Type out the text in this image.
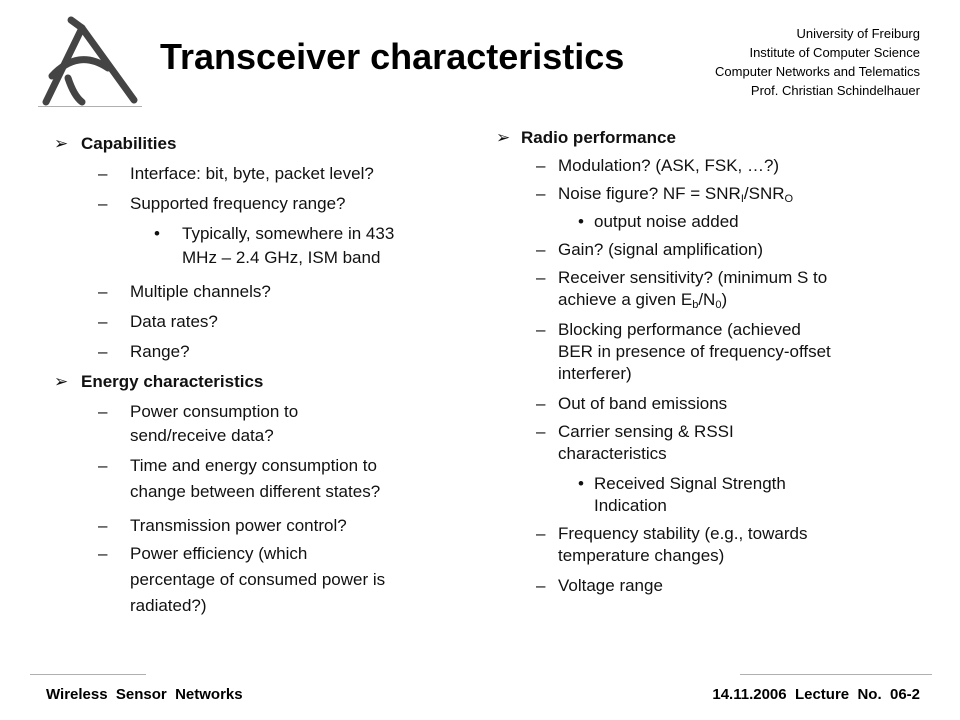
Transceiver characteristics
University of Freiburg
Institute of Computer Science
Computer Networks and Telematics
Prof. Christian Schindelhauer
➢ Capabilities
– Interface: bit, byte, packet level?
– Supported frequency range?
• Typically, somewhere in 433
MHz – 2.4 GHz, ISM band
– Multiple channels?
– Data rates?
– Range?
➢ Energy characteristics
– Power consumption to
send/receive data?
– Time and energy consumption to
change between different states?
– Transmission power control?
– Power efficiency (which
percentage of consumed power is
radiated?)
➢ Radio performance
– Modulation? (ASK, FSK, …?)
– Noise figure? NF = $SNR_I/SNR_O$
• output noise added
– Gain? (signal amplification)
– Receiver sensitivity? (minimum S to
achieve a given $E_b/N_0$)
– Blocking performance (achieved
BER in presence of frequency-offset
interferer)
– Out of band emissions
– Carrier sensing & RSSI
characteristics
• Received Signal Strength
Indication
– Frequency stability (e.g., towards
temperature changes)
– Voltage range
Wireless  Sensor  Networks	14.11.2006  Lecture  No.  06-2
